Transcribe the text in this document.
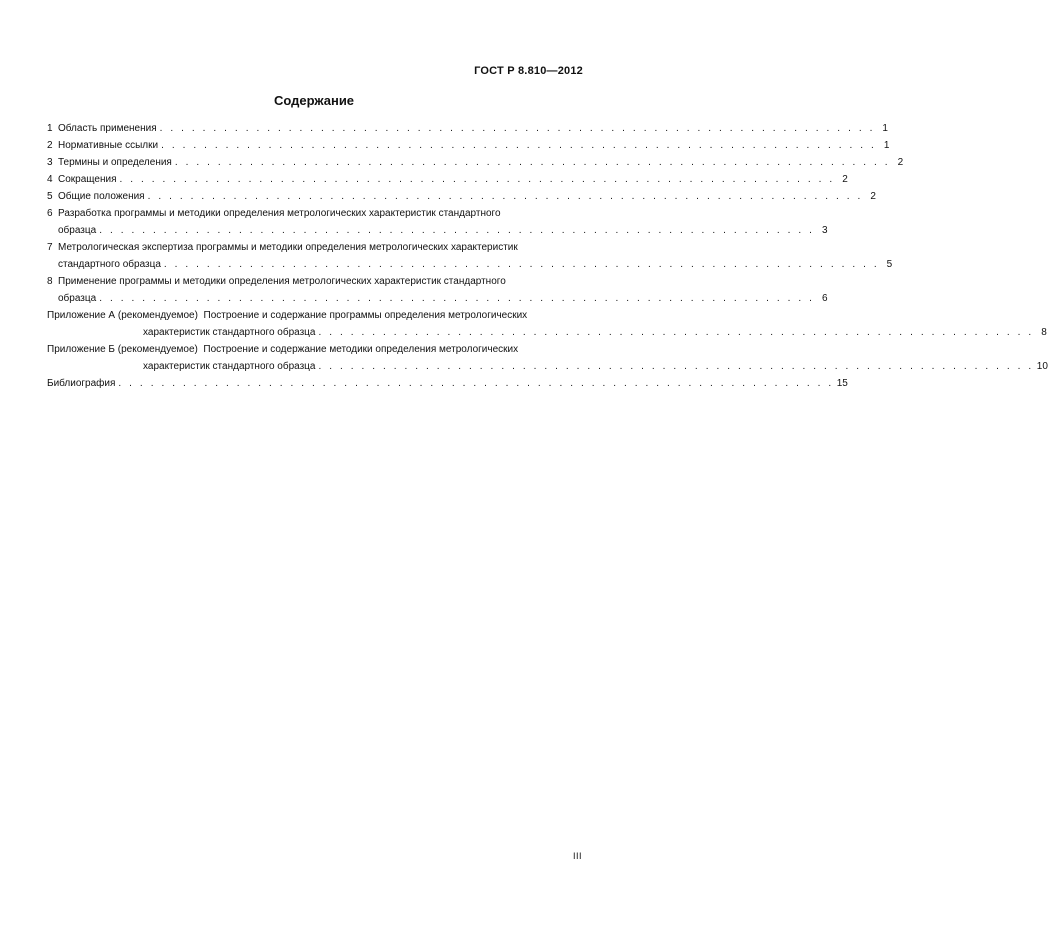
ГОСТ Р 8.810—2012
Содержание
1 Область применения . . . . . . . . . . . . . . . . . . . . . . . . . . . . . . . . . . . . . . . . . . . . . . . . . . . . . . . . . . . . . . . . . . . 1
2 Нормативные ссылки . . . . . . . . . . . . . . . . . . . . . . . . . . . . . . . . . . . . . . . . . . . . . . . . . . . . . . . . . . . . . . . . . . . 1
3 Термины и определения . . . . . . . . . . . . . . . . . . . . . . . . . . . . . . . . . . . . . . . . . . . . . . . . . . . . . . . . . . . . . . . . . . . 2
4 Сокращения . . . . . . . . . . . . . . . . . . . . . . . . . . . . . . . . . . . . . . . . . . . . . . . . . . . . . . . . . . . . . . . . . . . 2
5 Общие положения . . . . . . . . . . . . . . . . . . . . . . . . . . . . . . . . . . . . . . . . . . . . . . . . . . . . . . . . . . . . . . . . . . . 2
6 Разработка программы и методики определения метрологических характеристик стандартного
образца . . . . . . . . . . . . . . . . . . . . . . . . . . . . . . . . . . . . . . . . . . . . . . . . . . . . . . . . . . . . . . . . . . . 3
7 Метрологическая экспертиза программы и методики определения метрологических характеристик
стандартного образца . . . . . . . . . . . . . . . . . . . . . . . . . . . . . . . . . . . . . . . . . . . . . . . . . . . . . . . . . . . . . . . . . . . 5
8 Применение программы и методики определения метрологических характеристик стандартного
образца . . . . . . . . . . . . . . . . . . . . . . . . . . . . . . . . . . . . . . . . . . . . . . . . . . . . . . . . . . . . . . . . . . . 6
Приложение А (рекомендуемое)  Построение и содержание программы определения метрологических
характеристик стандартного образца . . . . . . . . . . . . . . . . . . . . . . . . . . . . . . . . . . . . . . . . . . . . . . . . . . . . . . . . . . . . . . . . . . . 8
Приложение Б (рекомендуемое)  Построение и содержание методики определения метрологических
характеристик стандартного образца . . . . . . . . . . . . . . . . . . . . . . . . . . . . . . . . . . . . . . . . . . . . . . . . . . . . . . . . . . . . . . . . . . . 10
Библиография . . . . . . . . . . . . . . . . . . . . . . . . . . . . . . . . . . . . . . . . . . . . . . . . . . . . . . . . . . . . . . . . . . . 15
III
